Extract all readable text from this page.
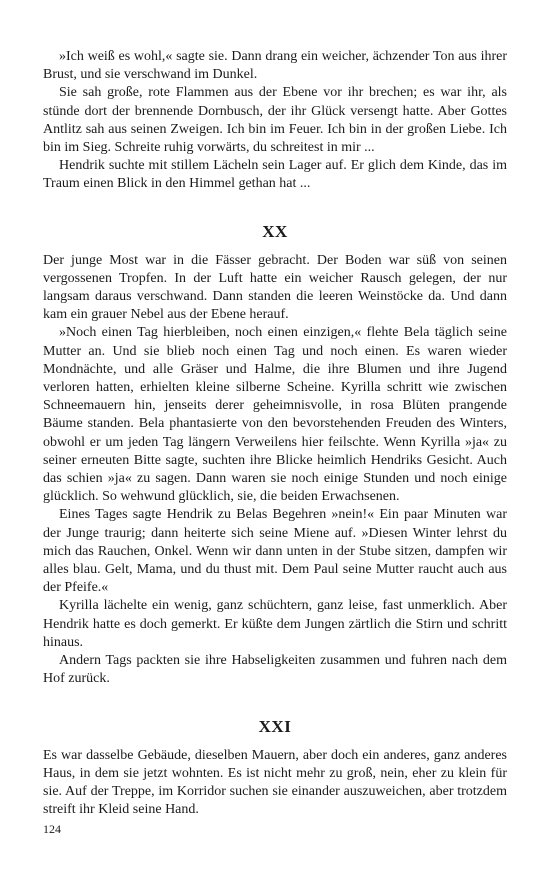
»Ich weiß es wohl,« sagte sie. Dann drang ein weicher, ächzender Ton aus ihrer Brust, und sie verschwand im Dunkel.

Sie sah große, rote Flammen aus der Ebene vor ihr brechen; es war ihr, als stünde dort der brennende Dornbusch, der ihr Glück versengt hatte. Aber Gottes Antlitz sah aus seinen Zweigen. Ich bin im Feuer. Ich bin in der großen Liebe. Ich bin im Sieg. Schreite ruhig vorwärts, du schreitest in mir ...

Hendrik suchte mit stillem Lächeln sein Lager auf. Er glich dem Kinde, das im Traum einen Blick in den Himmel gethan hat ...

XX

Der junge Most war in die Fässer gebracht. Der Boden war süß von seinen vergossenen Tropfen. In der Luft hatte ein weicher Rausch gelegen, der nur langsam daraus verschwand. Dann standen die leeren Weinstöcke da. Und dann kam ein grauer Nebel aus der Ebene herauf.

»Noch einen Tag hierbleiben, noch einen einzigen,« flehte Bela täglich seine Mutter an. Und sie blieb noch einen Tag und noch einen. Es waren wieder Mondnächte, und alle Gräser und Halme, die ihre Blumen und ihre Jugend verloren hatten, erhielten kleine silberne Scheine. Kyrilla schritt wie zwischen Schneemauern hin, jenseits derer geheimnisvolle, in rosa Blüten prangende Bäume standen. Bela phantasierte von den bevorstehenden Freuden des Winters, obwohl er um jeden Tag längern Verweilens hier feilschte. Wenn Kyrilla »ja« zu seiner erneuten Bitte sagte, suchten ihre Blicke heimlich Hendriks Gesicht. Auch das schien »ja« zu sagen. Dann waren sie noch einige Stunden und noch einige glücklich. So wehwund glücklich, sie, die beiden Erwachsenen.

Eines Tages sagte Hendrik zu Belas Begehren »nein!« Ein paar Minuten war der Junge traurig; dann heiterte sich seine Miene auf. »Diesen Winter lehrst du mich das Rauchen, Onkel. Wenn wir dann unten in der Stube sitzen, dampfen wir alles blau. Gelt, Mama, und du thust mit. Dem Paul seine Mutter raucht auch aus der Pfeife.«

Kyrilla lächelte ein wenig, ganz schüchtern, ganz leise, fast unmerklich. Aber Hendrik hatte es doch gemerkt. Er küßte dem Jungen zärtlich die Stirn und schritt hinaus.

Andern Tags packten sie ihre Habseligkeiten zusammen und fuhren nach dem Hof zurück.

XXI

Es war dasselbe Gebäude, dieselben Mauern, aber doch ein anderes, ganz anderes Haus, in dem sie jetzt wohnten. Es ist nicht mehr zu groß, nein, eher zu klein für sie. Auf der Treppe, im Korridor suchen sie einander auszuweichen, aber trotzdem streift ihr Kleid seine Hand.

124
